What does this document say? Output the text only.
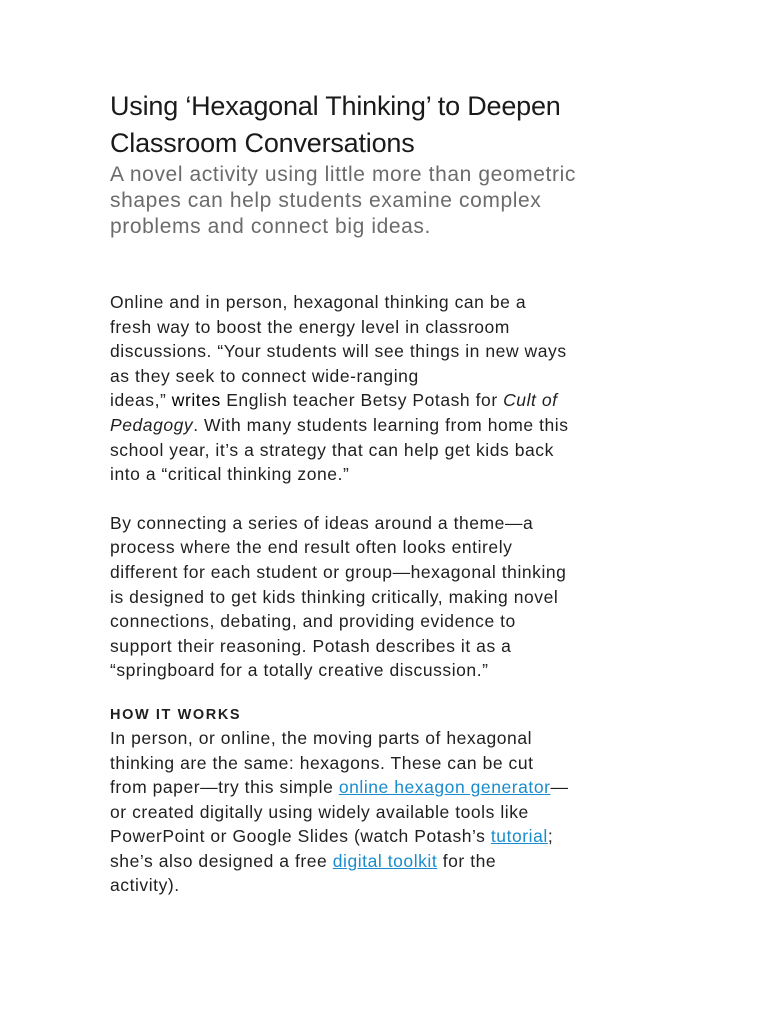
Using ‘Hexagonal Thinking’ to Deepen
Classroom Conversations

A novel activity using little more than geometric
shapes can help students examine complex
problems and connect big ideas.

Online and in person, hexagonal thinking can be a
fresh way to boost the energy level in classroom
discussions. “Your students will see things in new ways
as they seek to connect wide-ranging
ideas,” writes English teacher Betsy Potash for Cult of
Pedagogy. With many students learning from home this
school year, it’s a strategy that can help get kids back
into a “critical thinking zone.”

By connecting a series of ideas around a theme—a
process where the end result often looks entirely
different for each student or group—hexagonal thinking
is designed to get kids thinking critically, making novel
connections, debating, and providing evidence to
support their reasoning. Potash describes it as a
“springboard for a totally creative discussion.”

HOW IT WORKS

In person, or online, the moving parts of hexagonal
thinking are the same: hexagons. These can be cut
from paper—try this simple online hexagon generator—
or created digitally using widely available tools like
PowerPoint or Google Slides (watch Potash’s tutorial;
she’s also designed a free digital toolkit for the
activity).
